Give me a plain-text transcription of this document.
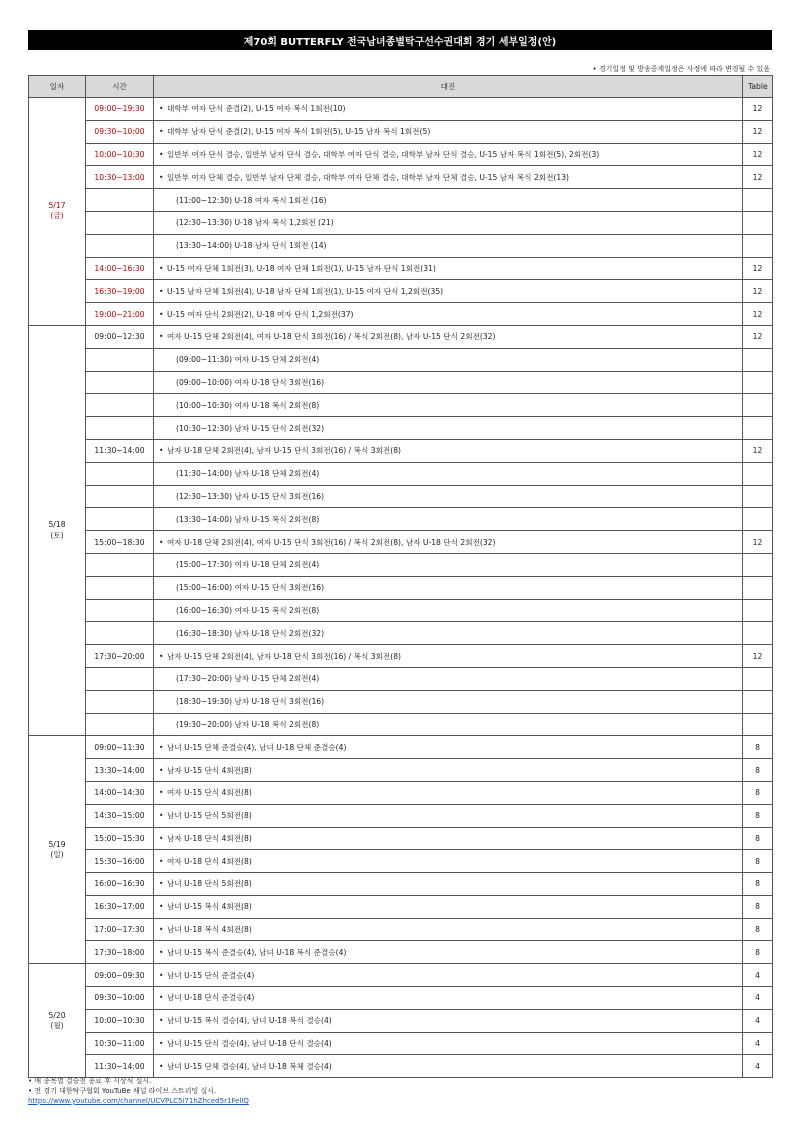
제70회 BUTTERFLY 전국남녀종별탁구선수권대회 경기 세부일정(안)
• 경기일정 및 방송중계일정은 사정에 따라 변경될 수 있음
일자	시간	대진	Table

5/17
(금)	09:00~19:30	• 대학부 여자 단식 준결(2), U-15 여자 복식 1회전(10)	12
	09:30~10:00	• 대학부 남자 단식 준결(2), U-15 여자 복식 1회전(5), U-15 남자 복식 1회전(5)	12
	10:00~10:30	• 일반부 여자 단식 결승, 일반부 남자 단식 결승, 대학부 여자 단식 결승, 대학부 남자 단식 결승, U-15 남자 복식 1회전(5), 2회전(3)	12
	10:30~13:00	• 일반부 여자 단체 결승, 일반부 남자 단체 결승, 대학부 여자 단체 결승, 대학부 남자 단체 결승, U-15 남자 복식 2회전(13)	12
		(11:00~12:30) U-18 여자 복식 1회전 (16)	
		(12:30~13:30) U-18 남자 복식 1,2회전 (21)	
		(13:30~14:00) U-18 남자 단식 1회전 (14)	
	14:00~16:30	• U-15 여자 단체 1회전(3), U-18 여자 단체 1회전(1), U-15 남자 단식 1회전(31)	12
	16:30~19:00	• U-15 남자 단체 1회전(4), U-18 남자 단체 1회전(1), U-15 여자 단식 1,2회전(35)	12
	19:00~21:00	• U-15 여자 단식 2회전(2), U-18 여자 단식 1,2회전(37)	12

5/18
(토)	09:00~12:30	• 여자 U-15 단체 2회전(4), 여자 U-18 단식 3회전(16) / 복식 2회전(8), 남자 U-15 단식 2회전(32)	12
		(09:00~11:30) 여자 U-15 단체 2회전(4)	
		(09:00~10:00) 여자 U-18 단식 3회전(16)	
		(10:00~10:30) 여자 U-18 복식 2회전(8)	
		(10:30~12:30) 남자 U-15 단식 2회전(32)	
	11:30~14:00	• 남자 U-18 단체 2회전(4), 남자 U-15 단식 3회전(16) / 복식 3회전(8)	12
		(11:30~14:00) 남자 U-18 단체 2회전(4)	
		(12:30~13:30) 남자 U-15 단식 3회전(16)	
		(13:30~14:00) 남자 U-15 복식 2회전(8)	
	15:00~18:30	• 여자 U-18 단체 2회전(4), 여자 U-15 단식 3회전(16) / 복식 2회전(8), 남자 U-18 단식 2회전(32)	12
		(15:00~17:30) 여자 U-18 단체 2회전(4)	
		(15:00~16:00) 여자 U-15 단식 3회전(16)	
		(16:00~16:30) 여자 U-15 복식 2회전(8)	
		(16:30~18:30) 남자 U-18 단식 2회전(32)	
	17:30~20:00	• 남자 U-15 단체 2회전(4), 남자 U-18 단식 3회전(16) / 복식 3회전(8)	12
		(17:30~20:00) 남자 U-15 단체 2회전(4)	
		(18:30~19:30) 남자 U-18 단식 3회전(16)	
		(19:30~20:00) 남자 U-18 복식 2회전(8)	

5/19
(일)	09:00~11:30	• 남녀 U-15 단체 준결승(4), 남녀 U-18 단체 준결승(4)	8
	13:30~14:00	• 남자 U-15 단식 4회전(8)	8
	14:00~14:30	• 여자 U-15 단식 4회전(8)	8
	14:30~15:00	• 남녀 U-15 단식 5회전(8)	8
	15:00~15:30	• 남자 U-18 단식 4회전(8)	8
	15:30~16:00	• 여자 U-18 단식 4회전(8)	8
	16:00~16:30	• 남녀 U-18 단식 5회전(8)	8
	16:30~17:00	• 남녀 U-15 복식 4회전(8)	8
	17:00~17:30	• 남녀 U-18 복식 4회전(8)	8
	17:30~18:00	• 남녀 U-15 복식 준결승(4), 남녀 U-18 복식 준결승(4)	8

5/20
(월)	09:00~09:30	• 남녀 U-15 단식 준결승(4)	4
	09:30~10:00	• 남녀 U-18 단식 준결승(4)	4
	10:00~10:30	• 남녀 U-15 복식 결승(4), 남녀 U-18 복식 결승(4)	4
	10:30~11:00	• 남녀 U-15 단식 결승(4), 남녀 U-18 단식 결승(4)	4
	11:30~14:00	• 남녀 U-15 단체 결승(4), 남녀 U-18 복체 결승(4)	4
• 매 종목별 결승전 종료 후 시상식 실시.
• 전 경기 대한탁구협회 YouTuBe 채널 라이브 스트리밍 실시.
https://www.youtube.com/channel/UCVPLC5i71hZhced5r1FelIQ
